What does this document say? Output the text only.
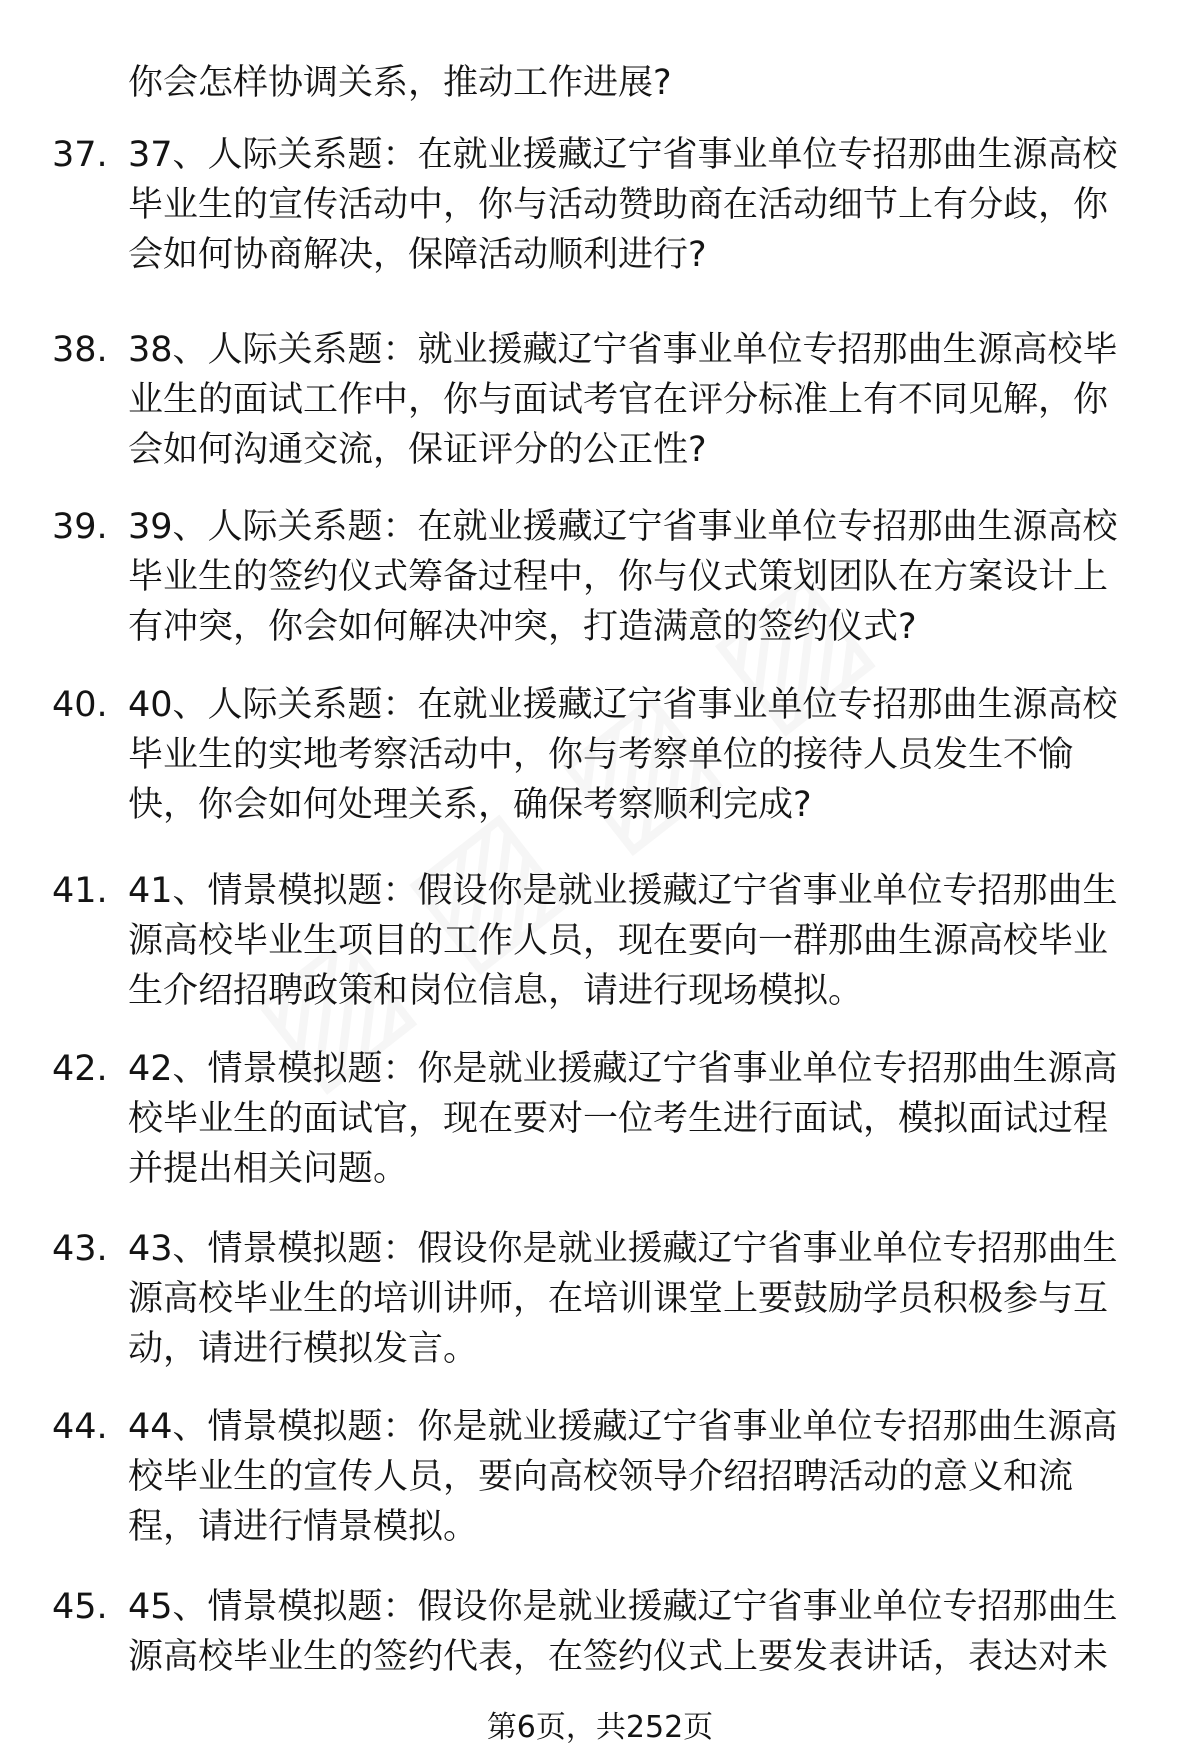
你会怎样协调关系，推动工作进展?
37. 37、人际关系题：在就业援藏辽宁省事业单位专招那曲生源高校
毕业生的宣传活动中，你与活动赞助商在活动细节上有分歧，你
会如何协商解决，保障活动顺利进行?
38. 38、人际关系题：就业援藏辽宁省事业单位专招那曲生源高校毕
业生的面试工作中，你与面试考官在评分标准上有不同见解，你
会如何沟通交流，保证评分的公正性?
39. 39、人际关系题：在就业援藏辽宁省事业单位专招那曲生源高校
毕业生的签约仪式筹备过程中，你与仪式策划团队在方案设计上
有冲突，你会如何解决冲突，打造满意的签约仪式?
40. 40、人际关系题：在就业援藏辽宁省事业单位专招那曲生源高校
毕业生的实地考察活动中，你与考察单位的接待人员发生不愉
快，你会如何处理关系，确保考察顺利完成?
41. 41、情景模拟题：假设你是就业援藏辽宁省事业单位专招那曲生
源高校毕业生项目的工作人员，现在要向一群那曲生源高校毕业
生介绍招聘政策和岗位信息，请进行现场模拟。
42. 42、情景模拟题：你是就业援藏辽宁省事业单位专招那曲生源高
校毕业生的面试官，现在要对一位考生进行面试，模拟面试过程
并提出相关问题。
43. 43、情景模拟题：假设你是就业援藏辽宁省事业单位专招那曲生
源高校毕业生的培训讲师，在培训课堂上要鼓励学员积极参与互
动，请进行模拟发言。
44. 44、情景模拟题：你是就业援藏辽宁省事业单位专招那曲生源高
校毕业生的宣传人员，要向高校领导介绍招聘活动的意义和流
程，请进行情景模拟。
45. 45、情景模拟题：假设你是就业援藏辽宁省事业单位专招那曲生
源高校毕业生的签约代表，在签约仪式上要发表讲话，表达对未
第6页，共252页
